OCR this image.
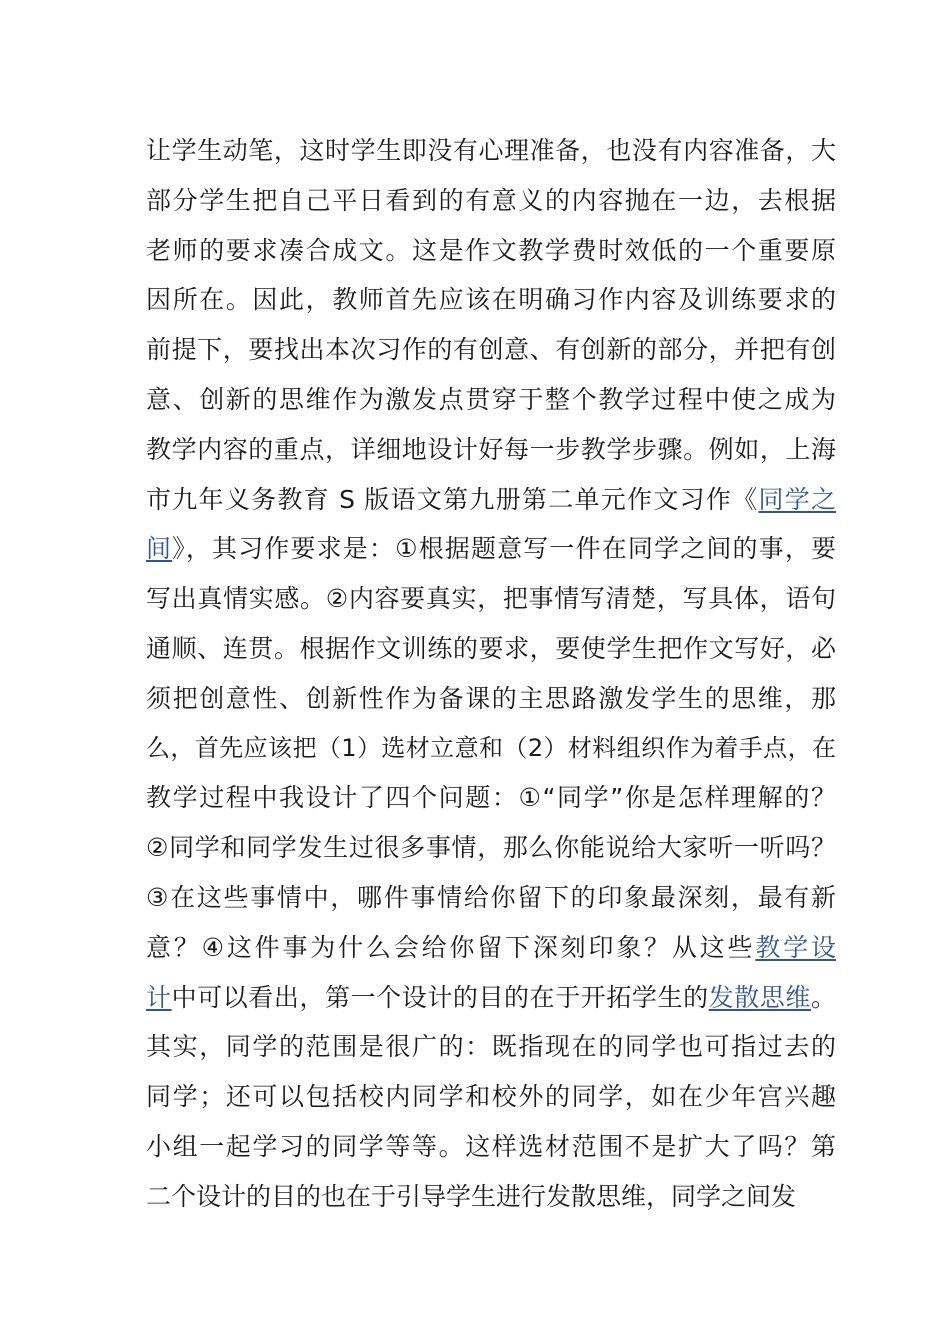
让学生动笔，这时学生即没有心理准备，也没有内容准备，大
部分学生把自己平日看到的有意义的内容抛在一边，去根据
老师的要求凑合成文。这是作文教学费时效低的一个重要原
因所在。因此，教师首先应该在明确习作内容及训练要求的
前提下，要找出本次习作的有创意、有创新的部分，并把有创
意、创新的思维作为激发点贯穿于整个教学过程中使之成为
教学内容的重点，详细地设计好每一步教学步骤。例如，上海
市九年义务教育 S 版语文第九册第二单元作文习作《同学之
间》，其习作要求是：①根据题意写一件在同学之间的事，要
写出真情实感。②内容要真实，把事情写清楚，写具体，语句
通顺、连贯。根据作文训练的要求，要使学生把作文写好，必
须把创意性、创新性作为备课的主思路激发学生的思维，那
么，首先应该把（1）选材立意和（2）材料组织作为着手点，在
教学过程中我设计了四个问题：①“同学”你是怎样理解的？
②同学和同学发生过很多事情，那么你能说给大家听一听吗？
③在这些事情中，哪件事情给你留下的印象最深刻，最有新
意？④这件事为什么会给你留下深刻印象？从这些教学设
计中可以看出，第一个设计的目的在于开拓学生的发散思维。
其实，同学的范围是很广的：既指现在的同学也可指过去的
同学；还可以包括校内同学和校外的同学，如在少年宫兴趣
小组一起学习的同学等等。这样选材范围不是扩大了吗？第
二个设计的目的也在于引导学生进行发散思维，同学之间发
